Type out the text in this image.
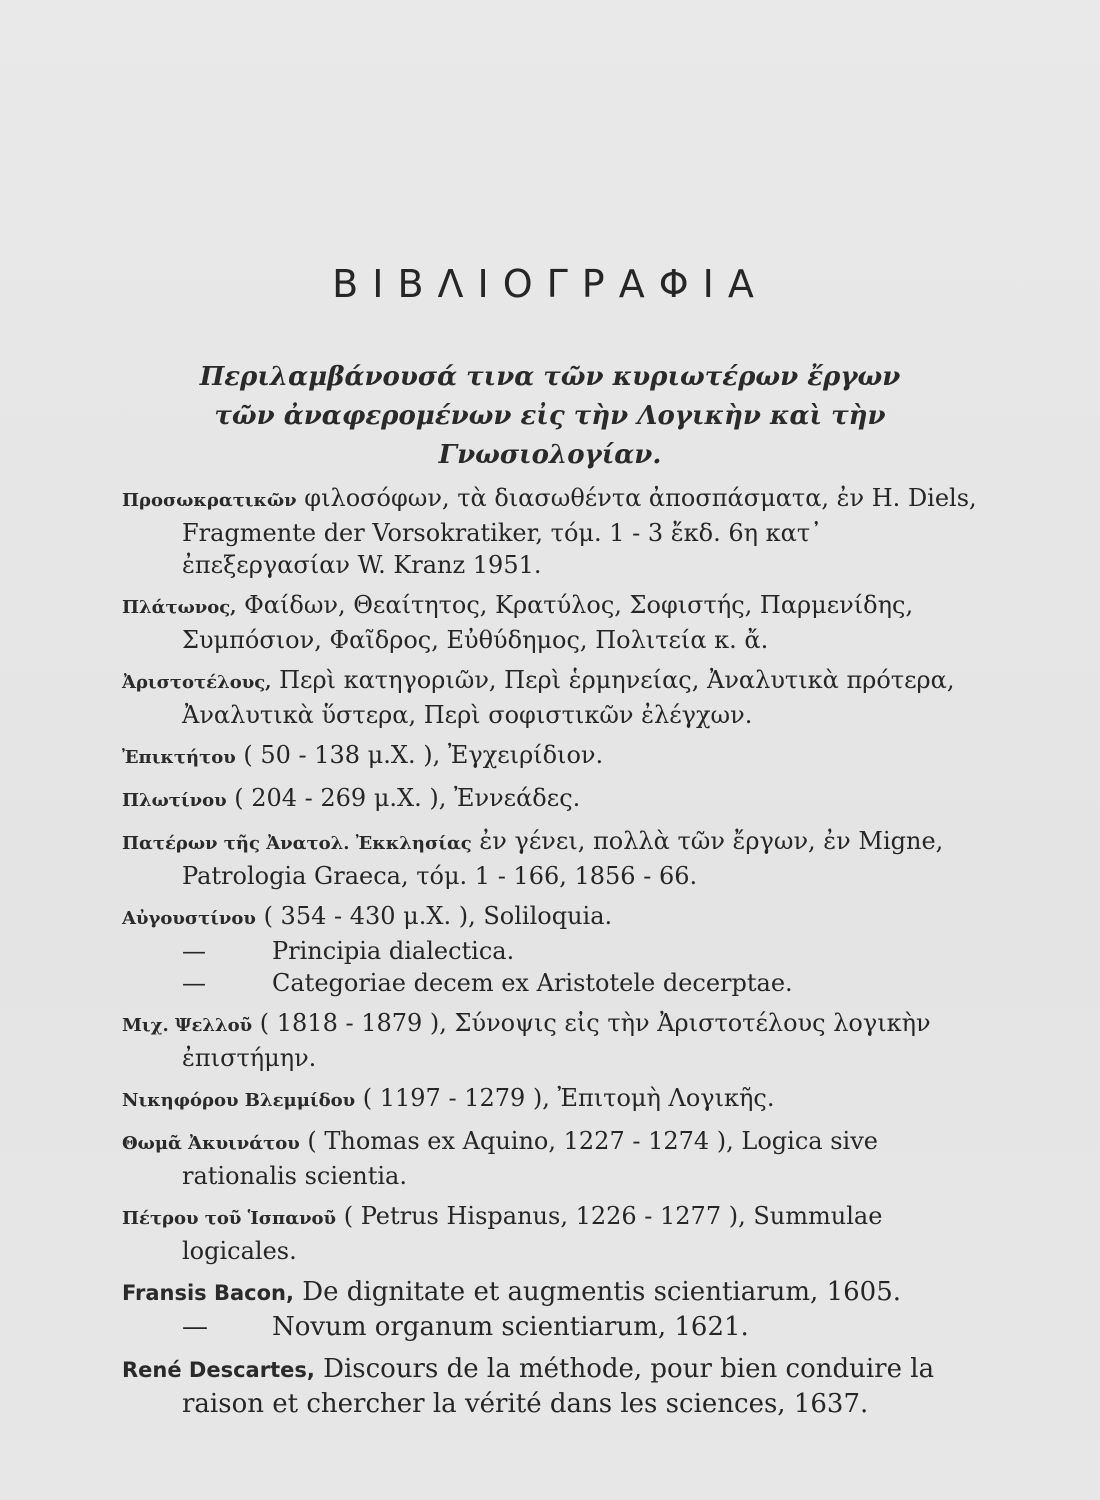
ΒΙΒΛΙΟΓΡΑΦΙΑ
Περιλαμβάνουσά τινα τῶν κυριωτέρων ἔργων
τῶν ἀναφερομένων εἰς τὴν Λογικὴν καὶ τὴν Γνωσιολογίαν.
Προσωκρατικῶν φιλοσόφων, τὰ διασωθέντα ἀποσπάσματα, ἐν H. Diels, Fragmente der Vorsokratiker, τόμ. 1 - 3 ἔκδ. 6η κατ᾽ ἐπεξεργασίαν W. Kranz 1951.
Πλάτωνος, Φαίδων, Θεαίτητος, Κρατύλος, Σοφιστής, Παρμενίδης, Συμπόσιον, Φαῖδρος, Εὐθύδημος, Πολιτεία κ. ἄ.
Ἀριστοτέλους, Περὶ κατηγοριῶν, Περὶ ἑρμηνείας, Ἀναλυτικὰ πρότερα, Ἀναλυτικὰ ὕστερα, Περὶ σοφιστικῶν ἐλέγχων.
Ἐπικτήτου ( 50 - 138 μ.Χ. ), Ἐγχειρίδιον.
Πλωτίνου ( 204 - 269 μ.Χ. ), Ἐννεάδες.
Πατέρων τῆς Ἀνατολ. Ἐκκλησίας ἐν γένει, πολλὰ τῶν ἔργων, ἐν Migne, Patrologia Graeca, τόμ. 1 - 166, 1856 - 66.
Αὐγουστίνου ( 354 - 430 μ.Χ. ), Soliloquia.
—	Principia dialectica.
—	Categoriae decem ex Aristotele decerptae.
Μιχ. Ψελλοῦ ( 1818 - 1879 ), Σύνοψις εἰς τὴν Ἀριστοτέλους λογικὴν ἐπιστήμην.
Νικηφόρου Βλεμμίδου ( 1197 - 1279 ), Ἐπιτομὴ Λογικῆς.
Θωμᾶ Ἀκυινάτου ( Thomas ex Aquino, 1227 - 1274 ), Logica sive rationalis scientia.
Πέτρου τοῦ Ἱσπανοῦ ( Petrus Hispanus, 1226 - 1277 ), Summulae logicales.
Fransis Bacon, De dignitate et augmentis scientiarum, 1605.
— Novum organum scientiarum, 1621.
René Descartes, Discours de la méthode, pour bien conduire la raison et chercher la vérité dans les sciences, 1637.
